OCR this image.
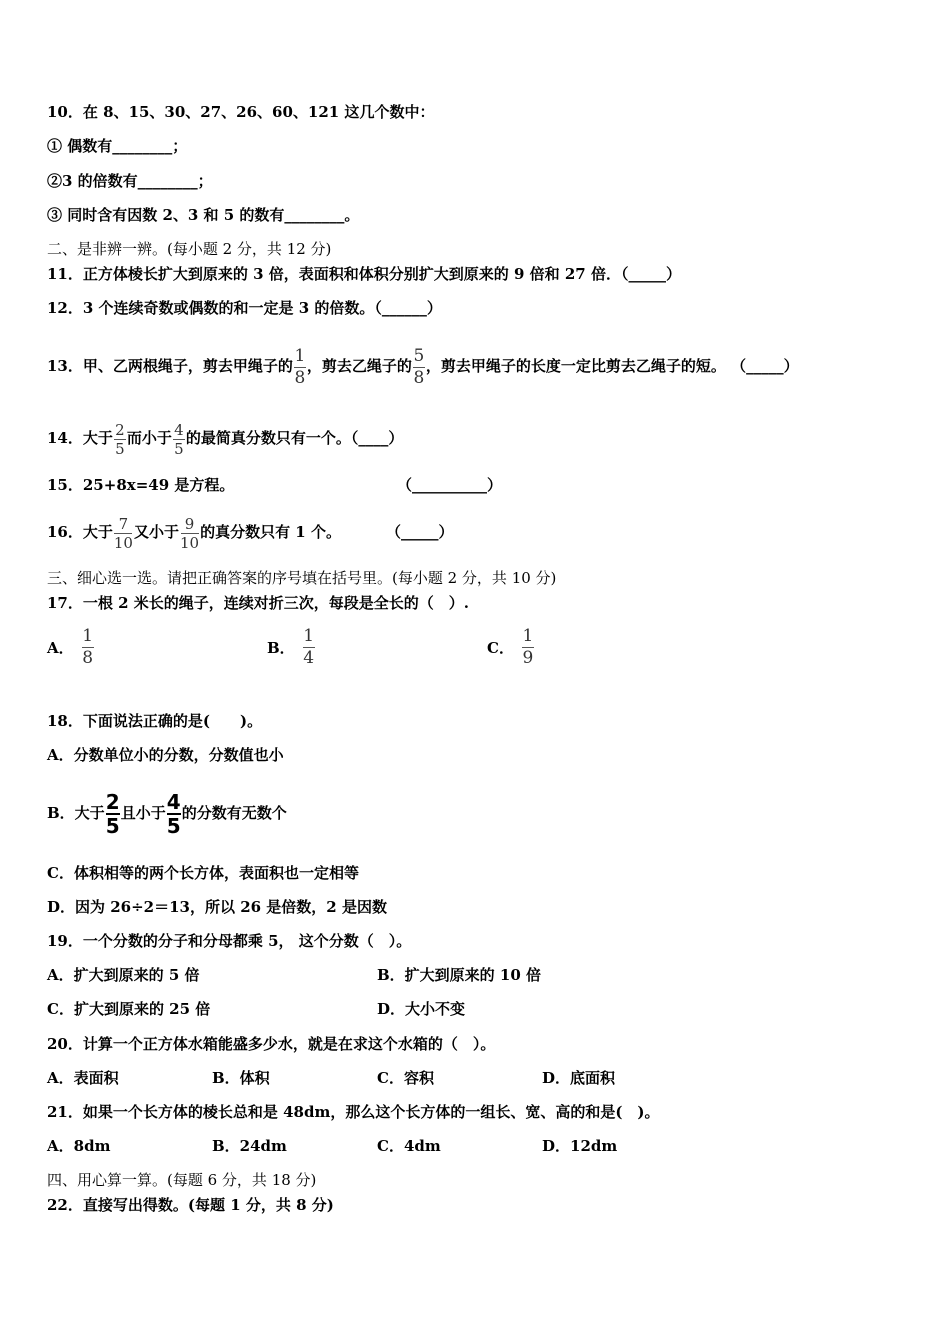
10．在 8、15、30、27、26、60、121 这几个数中：
① 偶数有________；
②3 的倍数有________；
③ 同时含有因数 2、3 和 5 的数有________。
二、是非辨一辨。(每小题 2 分，共 12 分)
11．正方体棱长扩大到原来的 3 倍，表面积和体积分别扩大到原来的 9 倍和 27 倍．（_____）
12．3 个连续奇数或偶数的和一定是 3 的倍数。（______）
13．甲、乙两根绳子，剪去甲绳子的 $\frac{1}{8}$ ，剪去乙绳子的 $\frac{5}{8}$ ，剪去甲绳子的长度一定比剪去乙绳子的短。 （_____）
14．大于 $\frac{2}{5}$ 而小于 $\frac{4}{5}$ 的最简真分数只有一个。（____）
15．25+8x=49 是方程。	（__________）
16．大于 $\frac{7}{10}$ 又小于 $\frac{9}{10}$ 的真分数只有 1 个。	（_____）
三、细心选一选。请把正确答案的序号填在括号里。(每小题 2 分，共 10 分)
17．一根 2 米长的绳子，连续对折三次，每段是全长的（　）.
A． $\frac{1}{8}$	B． $\frac{1}{4}$	C． $\frac{1}{9}$
18．下面说法正确的是(　　)。
A．分数单位小的分数，分数值也小
B．大于 $\frac{2}{5}$ 且小于 $\frac{4}{5}$ 的分数有无数个
C．体积相等的两个长方体，表面积也一定相等
D．因为 26÷2＝13，所以 26 是倍数，2 是因数
19．一个分数的分子和分母都乘 5， 这个分数（　）。
A．扩大到原来的 5 倍	B．扩大到原来的 10 倍
C．扩大到原来的 25 倍	D．大小不变
20．计算一个正方体水箱能盛多少水，就是在求这个水箱的（　）。
A．表面积	B．体积	C．容积	D．底面积
21．如果一个长方体的棱长总和是 48dm，那么这个长方体的一组长、宽、高的和是(　)。
A．8dm	B．24dm	C．4dm	D．12dm
四、用心算一算。(每题 6 分，共 18 分)
22．直接写出得数。(每题 1 分，共 8 分)
